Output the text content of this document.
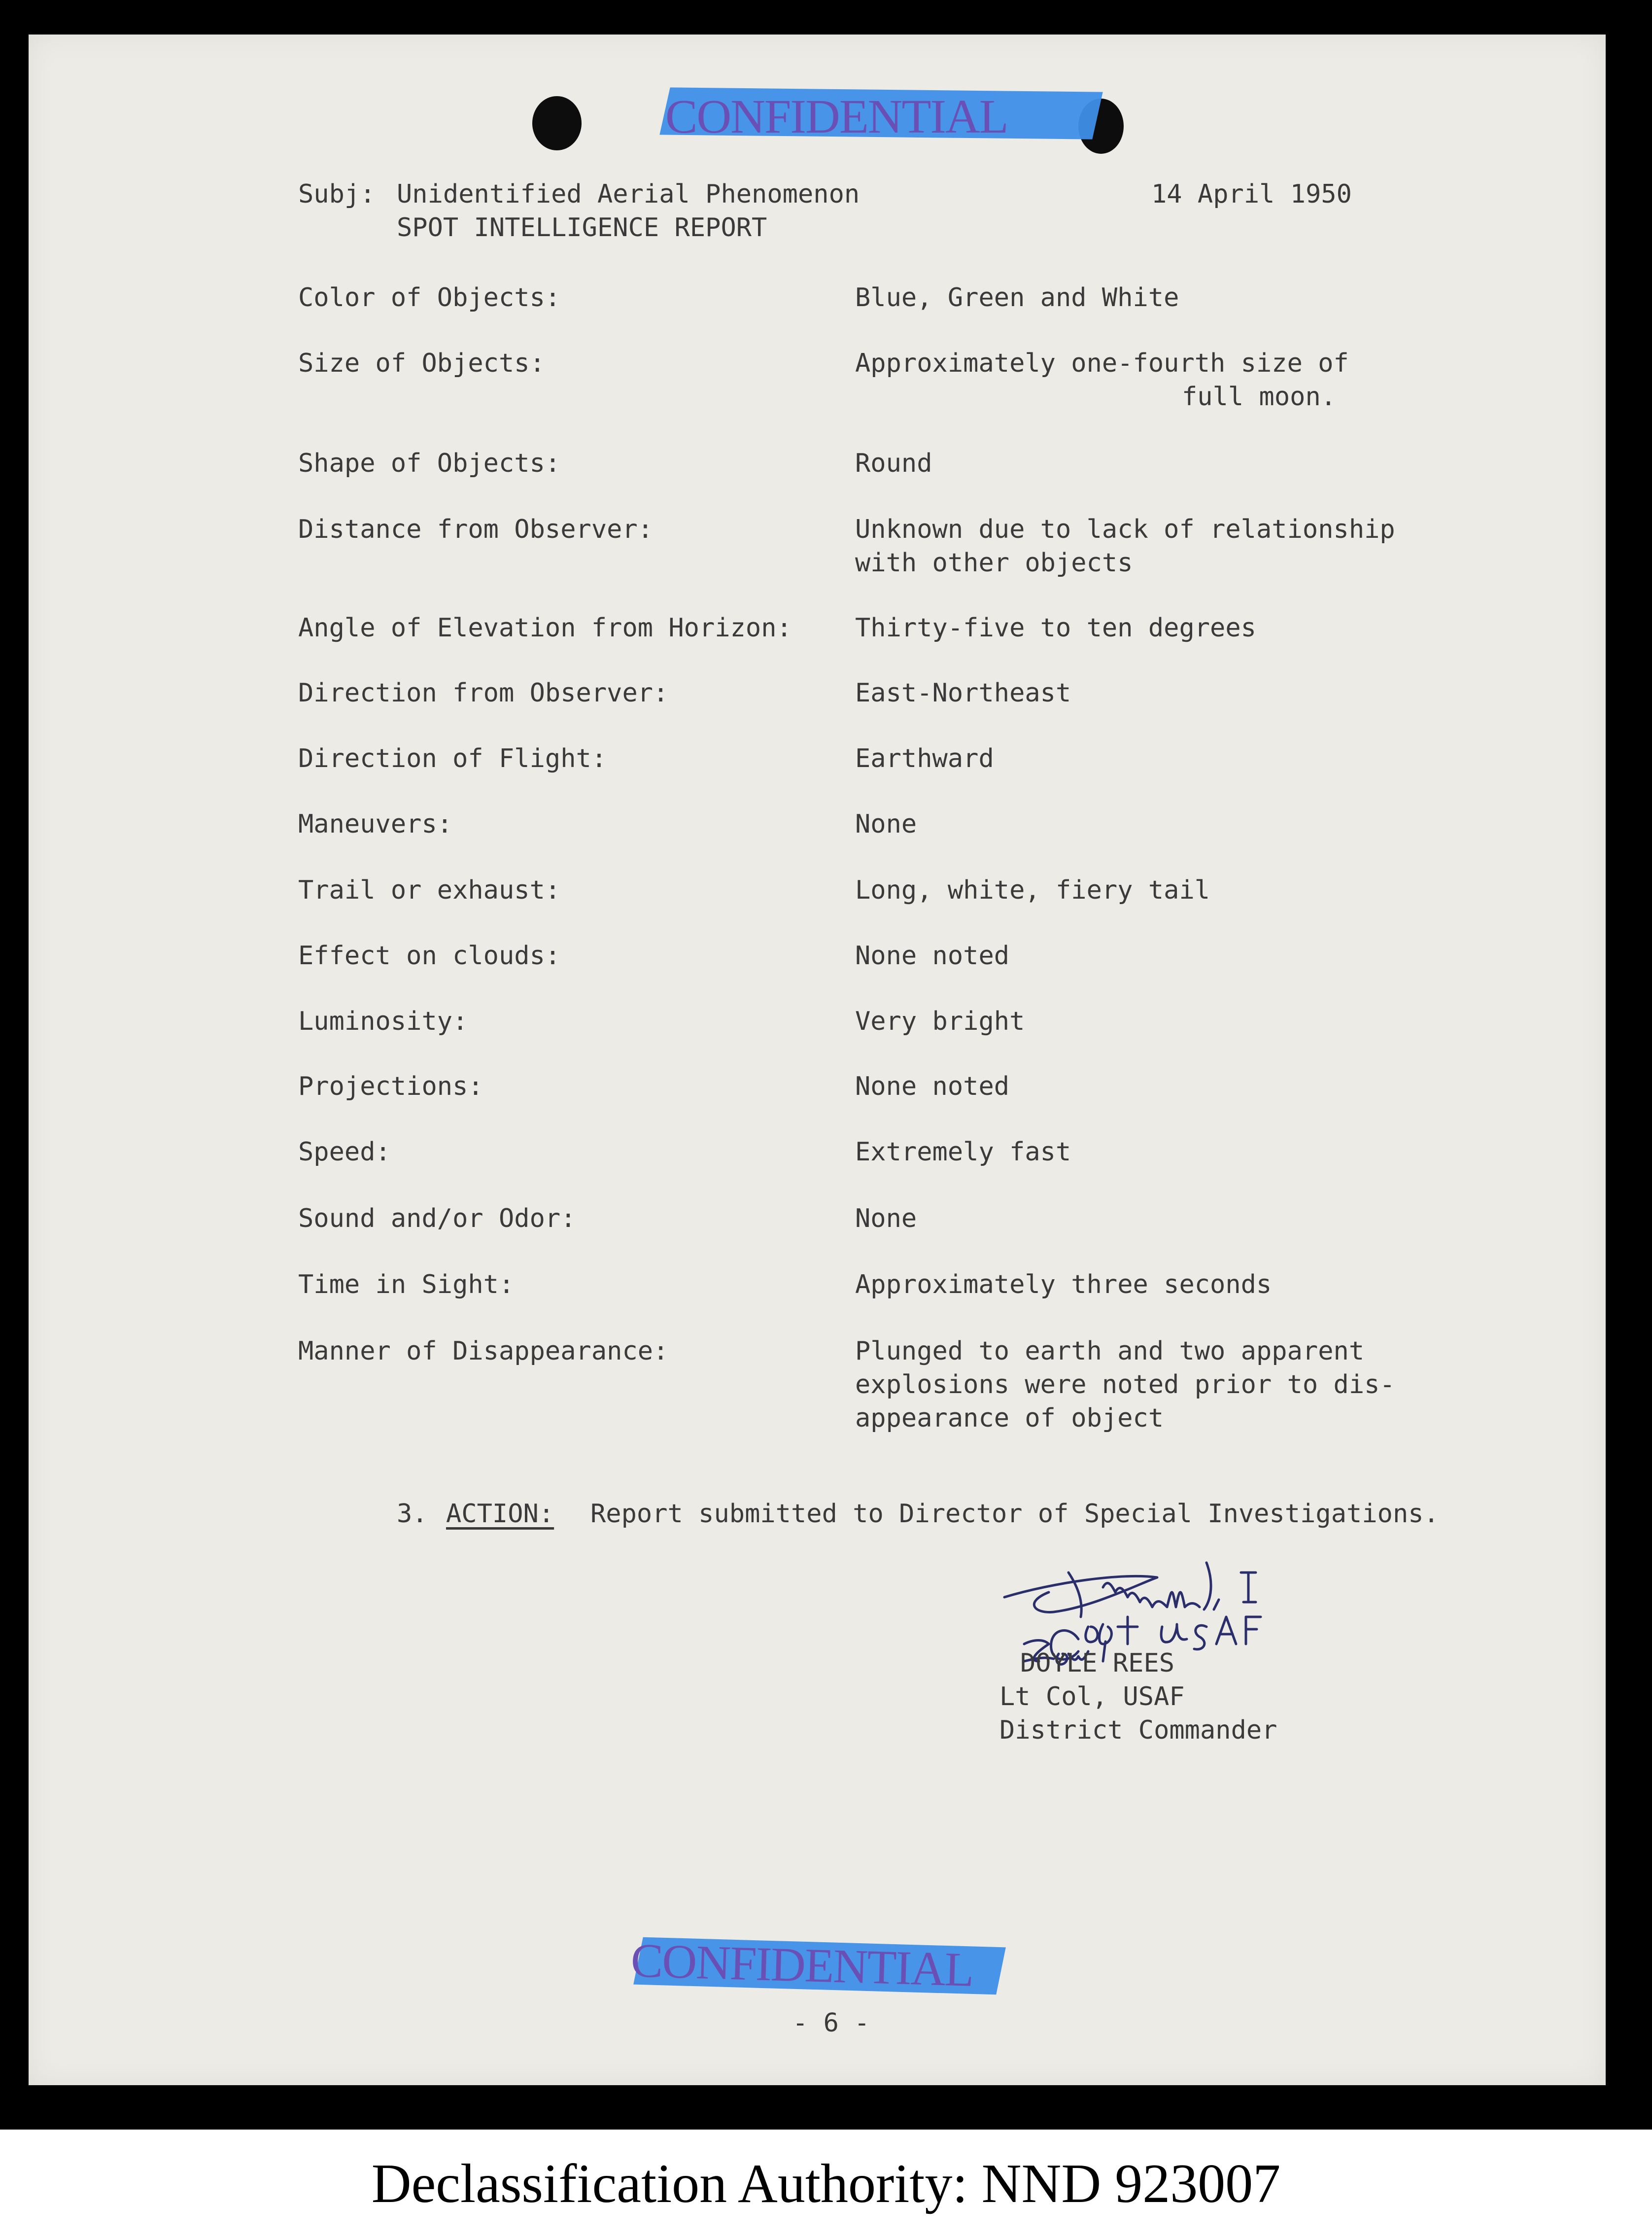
CONFIDENTIAL
Subj: Unidentified Aerial Phenomenon
SPOT INTELLIGENCE REPORT
14 April 1950
Color of Objects:	Blue, Green and White
Size of Objects:	Approximately one-fourth size of
full moon.
Shape of Objects:	Round
Distance from Observer:	Unknown due to lack of relationship
with other objects
Angle of Elevation from Horizon: Thirty-five to ten degrees
Direction from Observer:	East-Northeast
Direction of Flight:	Earthward
Maneuvers:	None
Trail or exhaust:	Long, white, fiery tail
Effect on clouds:	None noted
Luminosity:	Very bright
Projections:	None noted
Speed:	Extremely fast
Sound and/or Odor:	None
Time in Sight:	Approximately three seconds
Manner of Disappearance:	Plunged to earth and two apparent
explosions were noted prior to dis-
appearance of object
3. ACTION: Report submitted to Director of Special Investigations.
DOYLE REES
Lt Col, USAF
District Commander
CONFIDENTIAL
- 6 -
Declassification Authority: NND 923007
